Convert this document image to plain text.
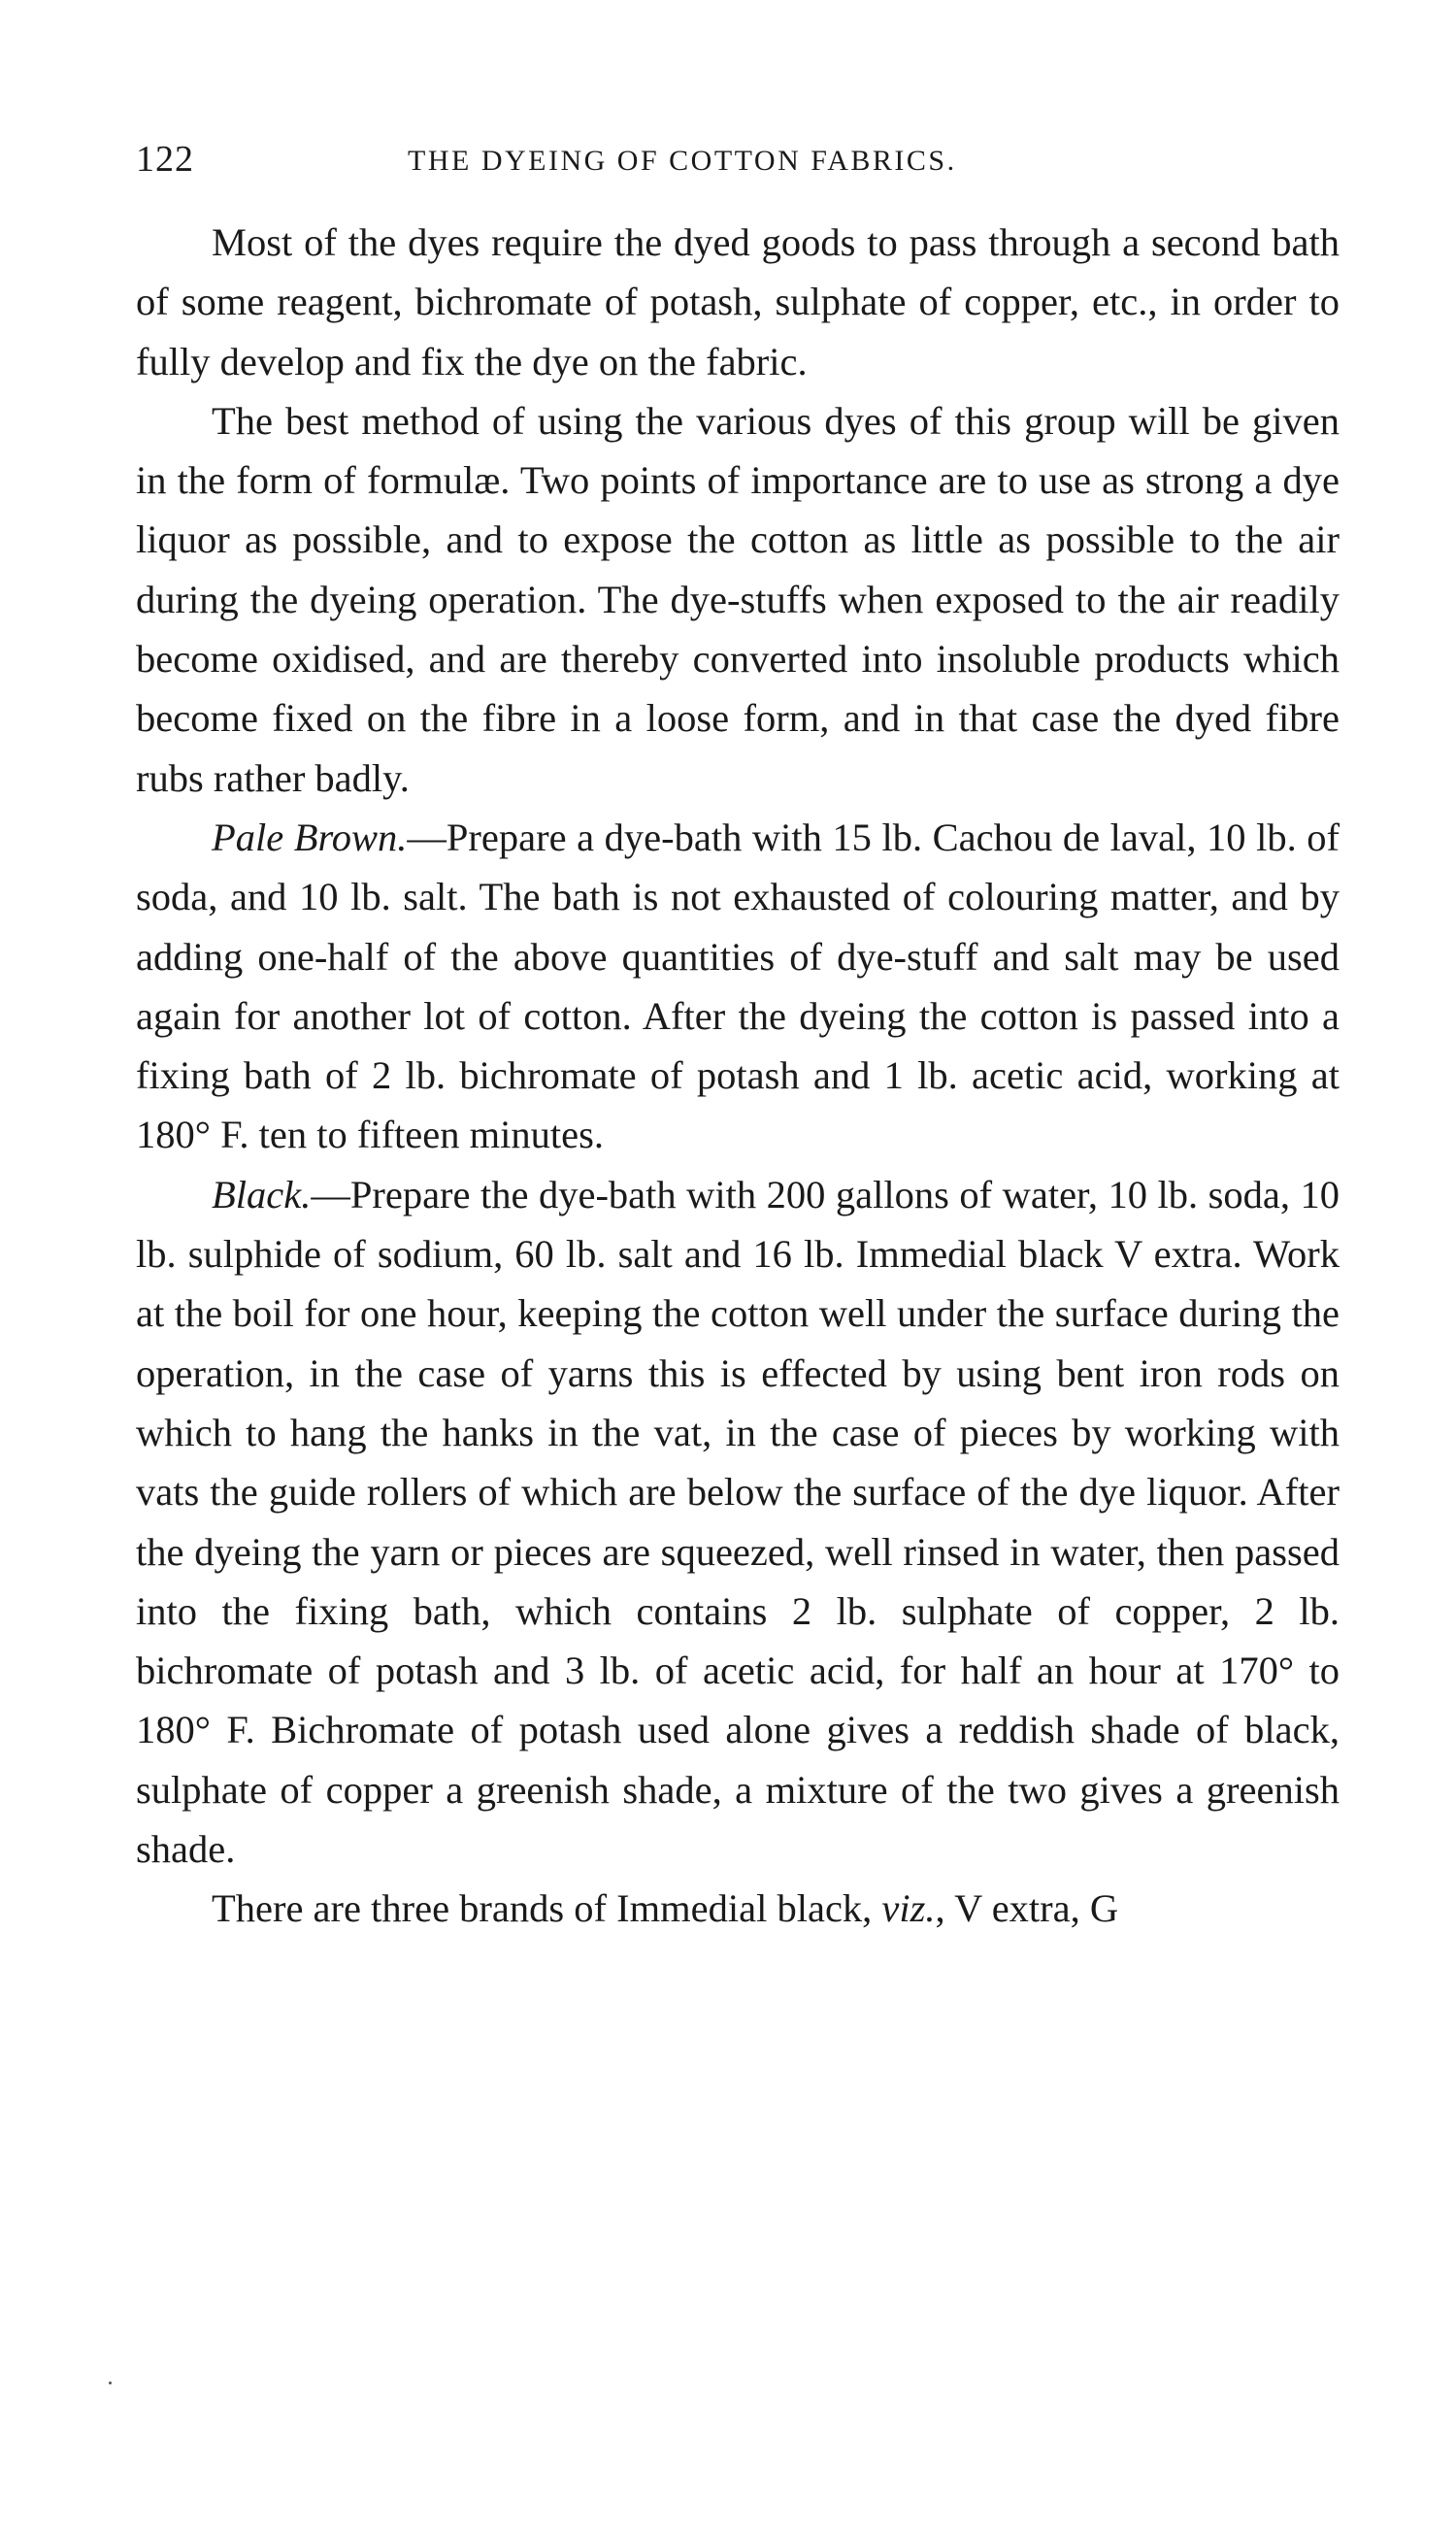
122	THE DYEING OF COTTON FABRICS.

Most of the dyes require the dyed goods to pass through a second bath of some reagent, bichromate of potash, sulphate of copper, etc., in order to fully develop and fix the dye on the fabric.

The best method of using the various dyes of this group will be given in the form of formulæ. Two points of importance are to use as strong a dye liquor as possible, and to expose the cotton as little as possible to the air during the dyeing operation. The dye-stuffs when exposed to the air readily become oxidised, and are thereby converted into insoluble products which become fixed on the fibre in a loose form, and in that case the dyed fibre rubs rather badly.

Pale Brown.—Prepare a dye-bath with 15 lb. Cachou de laval, 10 lb. of soda, and 10 lb. salt. The bath is not exhausted of colouring matter, and by adding one-half of the above quantities of dye-stuff and salt may be used again for another lot of cotton. After the dyeing the cotton is passed into a fixing bath of 2 lb. bichromate of potash and 1 lb. acetic acid, working at 180° F. ten to fifteen minutes.

Black.—Prepare the dye-bath with 200 gallons of water, 10 lb. soda, 10 lb. sulphide of sodium, 60 lb. salt and 16 lb. Immedial black V extra. Work at the boil for one hour, keeping the cotton well under the surface during the operation, in the case of yarns this is effected by using bent iron rods on which to hang the hanks in the vat, in the case of pieces by working with vats the guide rollers of which are below the surface of the dye liquor. After the dyeing the yarn or pieces are squeezed, well rinsed in water, then passed into the fixing bath, which contains 2 lb. sulphate of copper, 2 lb. bichromate of potash and 3 lb. of acetic acid, for half an hour at 170° to 180° F. Bichromate of potash used alone gives a reddish shade of black, sulphate of copper a greenish shade, a mixture of the two gives a greenish shade.

There are three brands of Immedial black, viz., V extra, G
